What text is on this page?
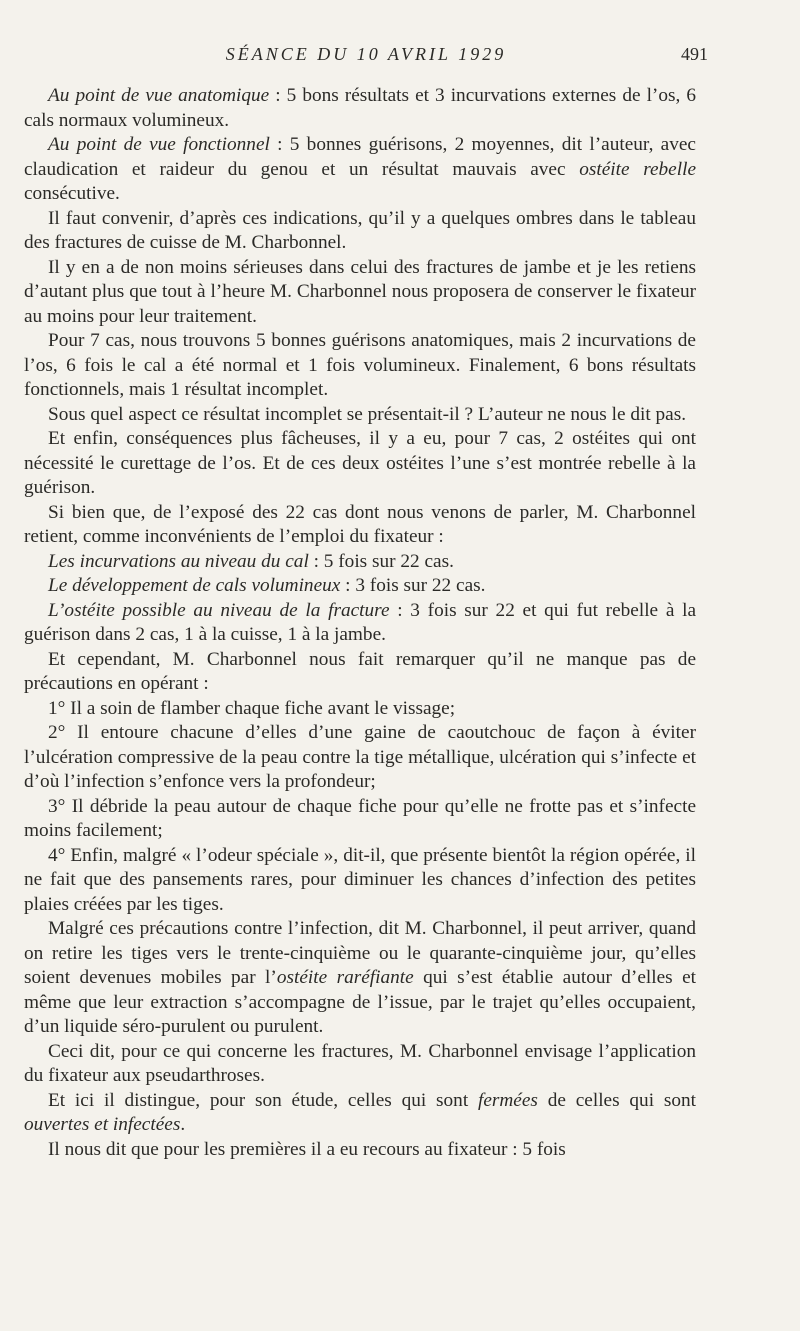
SÉANCE DU 10 AVRIL 1929	491

Au point de vue anatomique : 5 bons résultats et 3 incurvations externes de l’os, 6 cals normaux volumineux.

Au point de vue fonctionnel : 5 bonnes guérisons, 2 moyennes, dit l’auteur, avec claudication et raideur du genou et un résultat mauvais avec ostéite rebelle consécutive.

Il faut convenir, d’après ces indications, qu’il y a quelques ombres dans le tableau des fractures de cuisse de M. Charbonnel.

Il y en a de non moins sérieuses dans celui des fractures de jambe et je les retiens d’autant plus que tout à l’heure M. Charbonnel nous proposera de conserver le fixateur au moins pour leur traitement.

Pour 7 cas, nous trouvons 5 bonnes guérisons anatomiques, mais 2 incurvations de l’os, 6 fois le cal a été normal et 1 fois volumineux. Finalement, 6 bons résultats fonctionnels, mais 1 résultat incomplet.

Sous quel aspect ce résultat incomplet se présentait-il ? L’auteur ne nous le dit pas.

Et enfin, conséquences plus fâcheuses, il y a eu, pour 7 cas, 2 ostéites qui ont nécessité le curettage de l’os. Et de ces deux ostéites l’une s’est montrée rebelle à la guérison.

Si bien que, de l’exposé des 22 cas dont nous venons de parler, M. Charbonnel retient, comme inconvénients de l’emploi du fixateur :

Les incurvations au niveau du cal : 5 fois sur 22 cas.

Le développement de cals volumineux : 3 fois sur 22 cas.

L’ostéite possible au niveau de la fracture : 3 fois sur 22 et qui fut rebelle à la guérison dans 2 cas, 1 à la cuisse, 1 à la jambe.

Et cependant, M. Charbonnel nous fait remarquer qu’il ne manque pas de précautions en opérant :

1° Il a soin de flamber chaque fiche avant le vissage;

2° Il entoure chacune d’elles d’une gaine de caoutchouc de façon à éviter l’ulcération compressive de la peau contre la tige métallique, ulcération qui s’infecte et d’où l’infection s’enfonce vers la profondeur;

3° Il débride la peau autour de chaque fiche pour qu’elle ne frotte pas et s’infecte moins facilement;

4° Enfin, malgré « l’odeur spéciale », dit-il, que présente bientôt la région opérée, il ne fait que des pansements rares, pour diminuer les chances d’infection des petites plaies créées par les tiges.

Malgré ces précautions contre l’infection, dit M. Charbonnel, il peut arriver, quand on retire les tiges vers le trente-cinquième ou le quarante-cinquième jour, qu’elles soient devenues mobiles par l’ostéite raréfiante qui s’est établie autour d’elles et même que leur extraction s’accompagne de l’issue, par le trajet qu’elles occupaient, d’un liquide séro-purulent ou purulent.

Ceci dit, pour ce qui concerne les fractures, M. Charbonnel envisage l’application du fixateur aux pseudarthroses.

Et ici il distingue, pour son étude, celles qui sont fermées de celles qui sont ouvertes et infectées.

Il nous dit que pour les premières il a eu recours au fixateur : 5 fois
